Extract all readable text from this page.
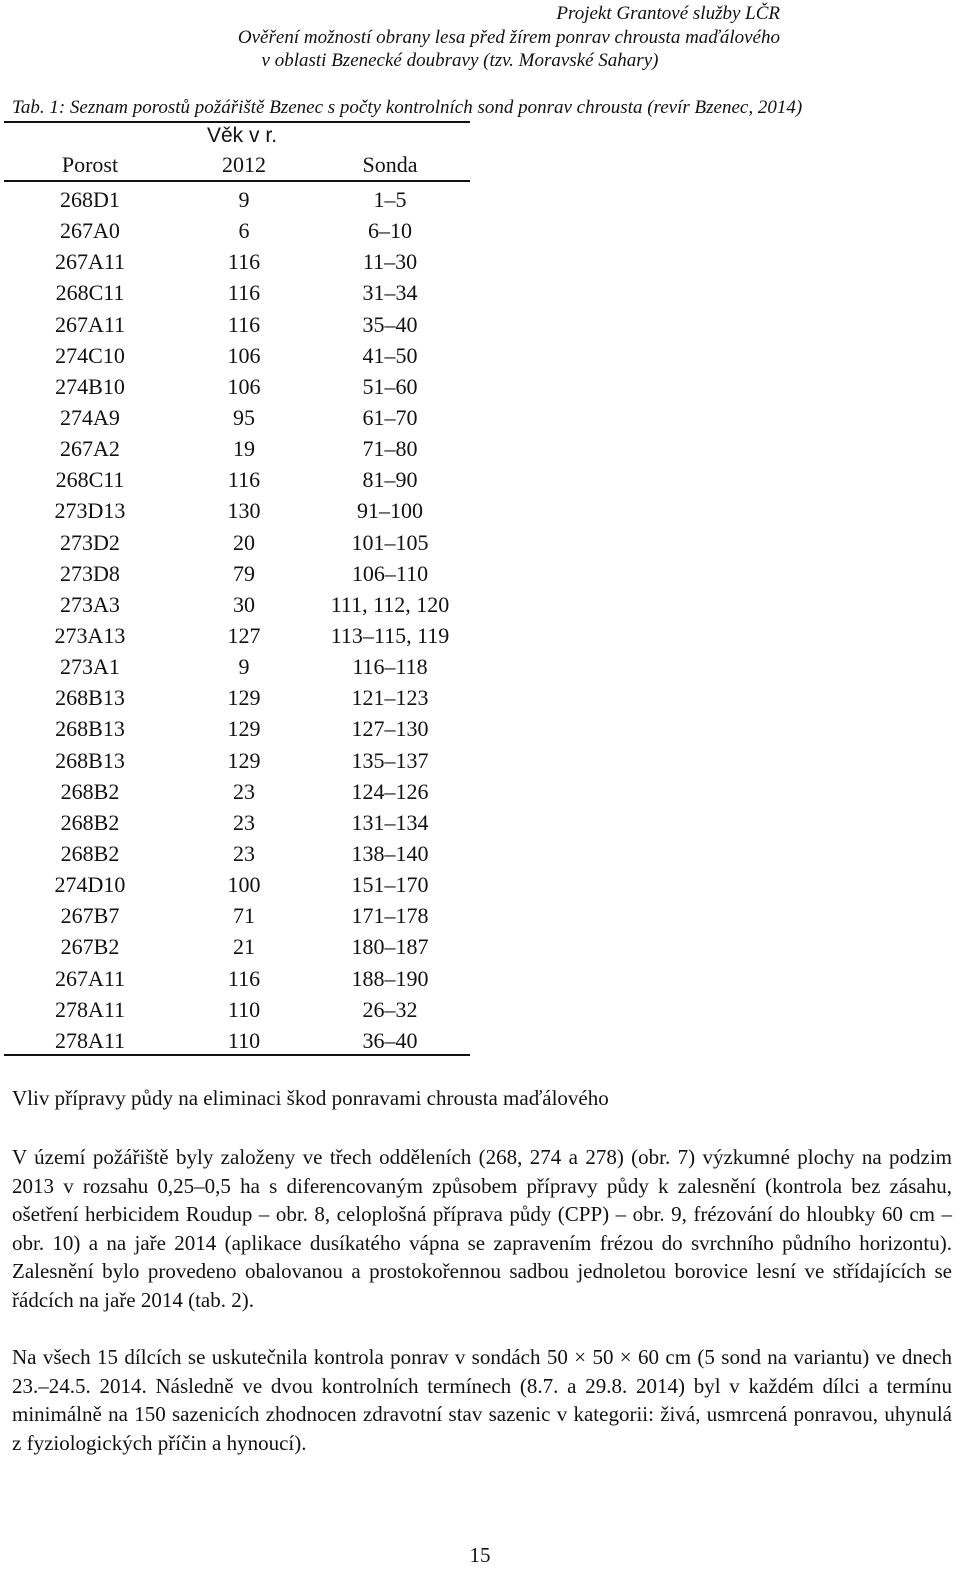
Projekt Grantové služby LČR
Ověření možností obrany lesa před žírem ponrav chrousta maďálového
v oblasti Bzenecké doubravy (tzv. Moravské Sahary)
Tab. 1: Seznam porostů požářiště Bzenec s počty kontrolních sond ponrav chrousta (revír Bzenec, 2014)
Věk v r.
Porost	2012	Sonda
268D1	9	1–5
267A0	6	6–10
267A11	116	11–30
268C11	116	31–34
267A11	116	35–40
274C10	106	41–50
274B10	106	51–60
274A9	95	61–70
267A2	19	71–80
268C11	116	81–90
273D13	130	91–100
273D2	20	101–105
273D8	79	106–110
273A3	30	111, 112, 120
273A13	127	113–115, 119
273A1	9	116–118
268B13	129	121–123
268B13	129	127–130
268B13	129	135–137
268B2	23	124–126
268B2	23	131–134
268B2	23	138–140
274D10	100	151–170
267B7	71	171–178
267B2	21	180–187
267A11	116	188–190
278A11	110	26–32
278A11	110	36–40
Vliv přípravy půdy na eliminaci škod ponravami chrousta maďálového
V území požářiště byly založeny ve třech odděleních (268, 274 a 278) (obr. 7) výzkumné plochy na podzim 2013 v rozsahu 0,25–0,5 ha s diferencovaným způsobem přípravy půdy k zalesnění (kontrola bez zásahu, ošetření herbicidem Roudup – obr. 8, celoplošná příprava půdy (CPP) – obr. 9, frézování do hloubky 60 cm – obr. 10) a na jaře 2014 (aplikace dusíkatého vápna se zapravením frézou do svrchního půdního horizontu). Zalesnění bylo provedeno obalovanou a prostokořennou sadbou jednoletou borovice lesní ve střídajících se řádcích na jaře 2014 (tab. 2).
Na všech 15 dílcích se uskutečnila kontrola ponrav v sondách 50 × 50 × 60 cm (5 sond na variantu) ve dnech 23.–24.5. 2014. Následně ve dvou kontrolních termínech (8.7. a 29.8. 2014) byl v každém dílci a termínu minimálně na 150 sazenicích zhodnocen zdravotní stav sazenic v kategorii: živá, usmrcená ponravou, uhynulá z fyziologických příčin a hynoucí).
15
